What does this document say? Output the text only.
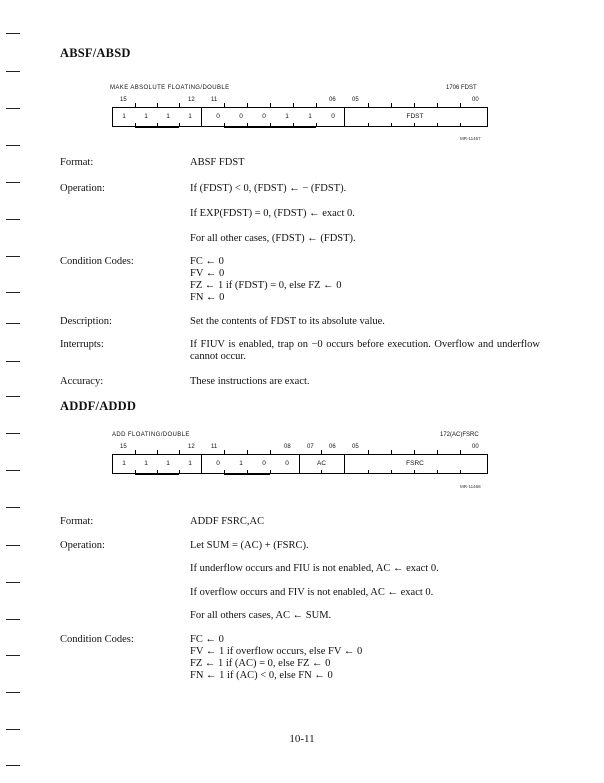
ABSF/ABSD
MAKE ABSOLUTE FLOATING/DOUBLE	1706 FDST
15	12	11	06	05	00
1	1	1	1	0	0	0	1	1	0	FDST
MR-11467
Format:	ABSF FDST
Operation:	If (FDST) < 0, (FDST) ← − (FDST).
If EXP(FDST) = 0, (FDST) ← exact 0.
For all other cases, (FDST) ← (FDST).
Condition Codes:	FC ← 0
FV ← 0
FZ ← 1 if (FDST) = 0, else FZ ← 0
FN ← 0
Description:	Set the contents of FDST to its absolute value.
Interrupts:	If FIUV is enabled, trap on −0 occurs before execution. Overflow and underflow cannot occur.
Accuracy:	These instructions are exact.
ADDF/ADDD
ADD FLOATING/DOUBLE	172(AC)FSRC
15	12	11	08	07	06	05	00
1	1	1	1	0	1	0	0	AC	FSRC
MR-11468
Format:	ADDF FSRC,AC
Operation:	Let SUM = (AC) + (FSRC).
If underflow occurs and FIU is not enabled, AC ← exact 0.
If overflow occurs and FIV is not enabled, AC ← exact 0.
For all others cases, AC ← SUM.
Condition Codes:	FC ← 0
FV ← 1 if overflow occurs, else FV ← 0
FZ ← 1 if (AC) = 0, else FZ ← 0
FN ← 1 if (AC) < 0, else FN ← 0
10-11
